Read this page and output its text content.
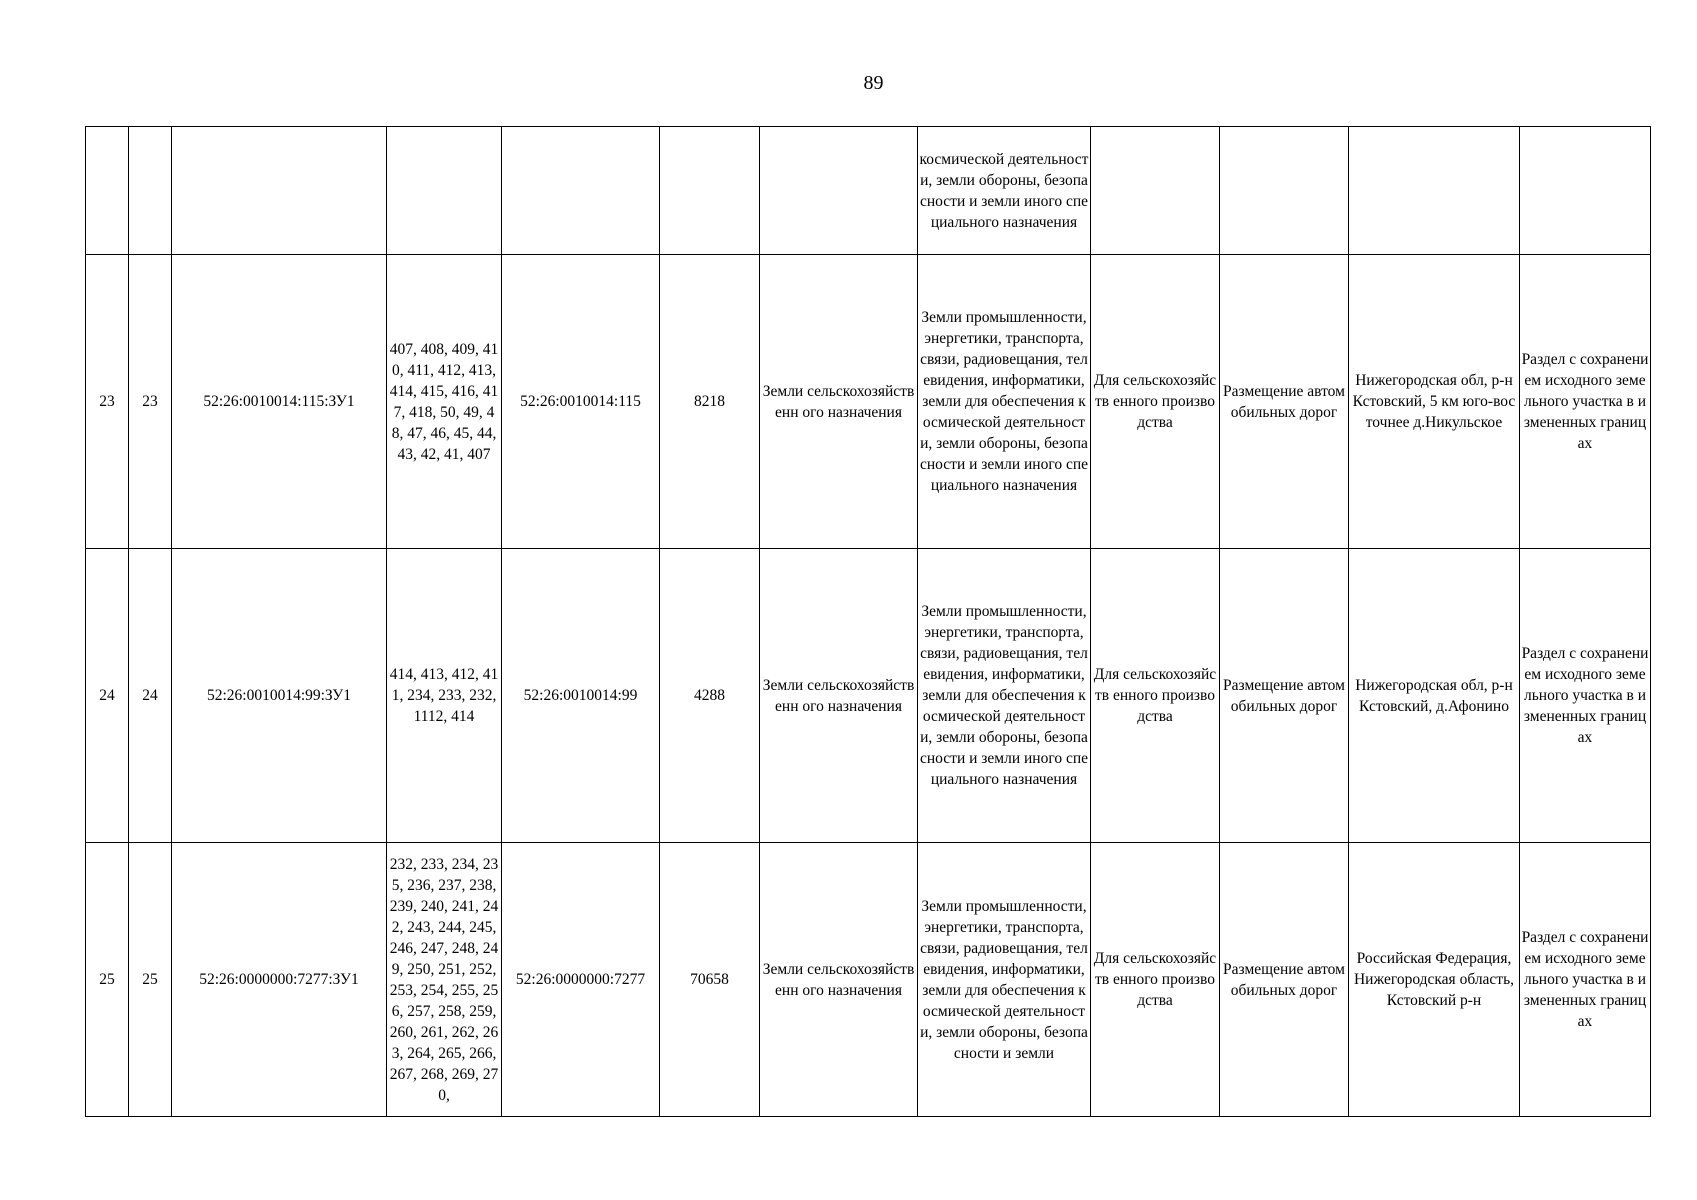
89
							космической деятельности, земли обороны, безопасности и земли иного специального назначения				
23	23	52:26:0010014:115:ЗУ1	407, 408, 409, 410, 411, 412, 413, 414, 415, 416, 417, 418, 50, 49, 48, 47, 46, 45, 44, 43, 42, 41, 407	52:26:0010014:115	8218	Земли сельскохозяйственн ого назначения	Земли промышленности, энергетики, транспорта, связи, радиовещания, телевидения, информатики, земли для обеспечения космической деятельности, земли обороны, безопасности и земли иного специального назначения	Для сельскохозяйств енного производства	Размещение автомобильных дорог	Нижегородская обл, р-н Кстовский, 5 км юго-восточнее д.Никульское	Раздел с сохранением исходного земельного участка в измененных границах
24	24	52:26:0010014:99:ЗУ1	414, 413, 412, 411, 234, 233, 232, 1112, 414	52:26:0010014:99	4288	Земли сельскохозяйственн ого назначения	Земли промышленности, энергетики, транспорта, связи, радиовещания, телевидения, информатики, земли для обеспечения космической деятельности, земли обороны, безопасности и земли иного специального назначения	Для сельскохозяйств енного производства	Размещение автомобильных дорог	Нижегородская обл, р-н Кстовский, д.Афонино	Раздел с сохранением исходного земельного участка в измененных границах
25	25	52:26:0000000:7277:ЗУ1	232, 233, 234, 235, 236, 237, 238, 239, 240, 241, 242, 243, 244, 245, 246, 247, 248, 249, 250, 251, 252, 253, 254, 255, 256, 257, 258, 259, 260, 261, 262, 263, 264, 265, 266, 267, 268, 269, 270,	52:26:0000000:7277	70658	Земли сельскохозяйственн ого назначения	Земли промышленности, энергетики, транспорта, связи, радиовещания, телевидения, информатики, земли для обеспечения космической деятельности, земли обороны, безопасности и земли	Для сельскохозяйств енного производства	Размещение автомобильных дорог	Российская Федерация, Нижегородская область, Кстовский р-н	Раздел с сохранением исходного земельного участка в измененных границах
